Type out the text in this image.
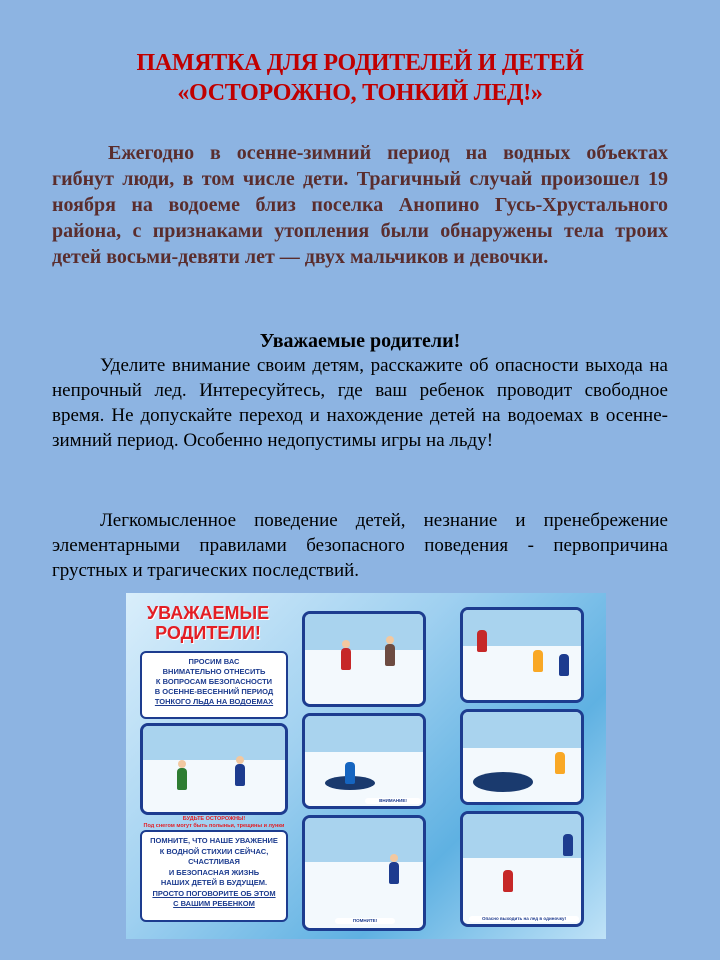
ПАМЯТКА ДЛЯ РОДИТЕЛЕЙ И ДЕТЕЙ
«ОСТОРОЖНО, ТОНКИЙ ЛЕД!»
Ежегодно в осенне-зимний период на водных объектах гибнут люди, в том числе дети. Трагичный случай произошел 19 ноября на водоеме близ поселка Анопино Гусь-Хрустального района, с признаками утопления были обнаружены тела троих детей восьми-девяти лет — двух мальчиков и девочки.
Уважаемые родители!
Уделите внимание своим детям, расскажите об опасности выхода на непрочный лед. Интересуйтесь, где ваш ребенок проводит свободное время. Не допускайте переход и нахождение детей на водоемах в осенне-зимний период. Особенно недопустимы игры на льду!
Легкомысленное поведение детей, незнание и пренебрежение элементарными правилами безопасного поведения - первопричина грустных и трагических последствий.
УВАЖАЕМЫЕ
РОДИТЕЛИ!
ПРОСИМ ВАС
ВНИМАТЕЛЬНО ОТНЕСИТЬ
К ВОПРОСАМ БЕЗОПАСНОСТИ
В ОСЕННЕ-ВЕСЕННИЙ ПЕРИОД
ТОНКОГО ЛЬДА НА ВОДОЕМАХ
БУДЬТЕ ОСТОРОЖНЫ!
Под снегом могут быть полыньи, трещины и лунки
ПОМНИТЕ, ЧТО НАШЕ УВАЖЕНИЕ
К ВОДНОЙ СТИХИИ СЕЙЧАС,
СЧАСТЛИВАЯ
И БЕЗОПАСНАЯ ЖИЗНЬ
НАШИХ ДЕТЕЙ В БУДУЩЕМ.
ПРОСТО ПОГОВОРИТЕ ОБ ЭТОМ
С ВАШИМ РЕБЕНКОМ
ВНИМАНИЕ!
ПОМНИТЕ!	Опасно выходить на лед в одиночку!
